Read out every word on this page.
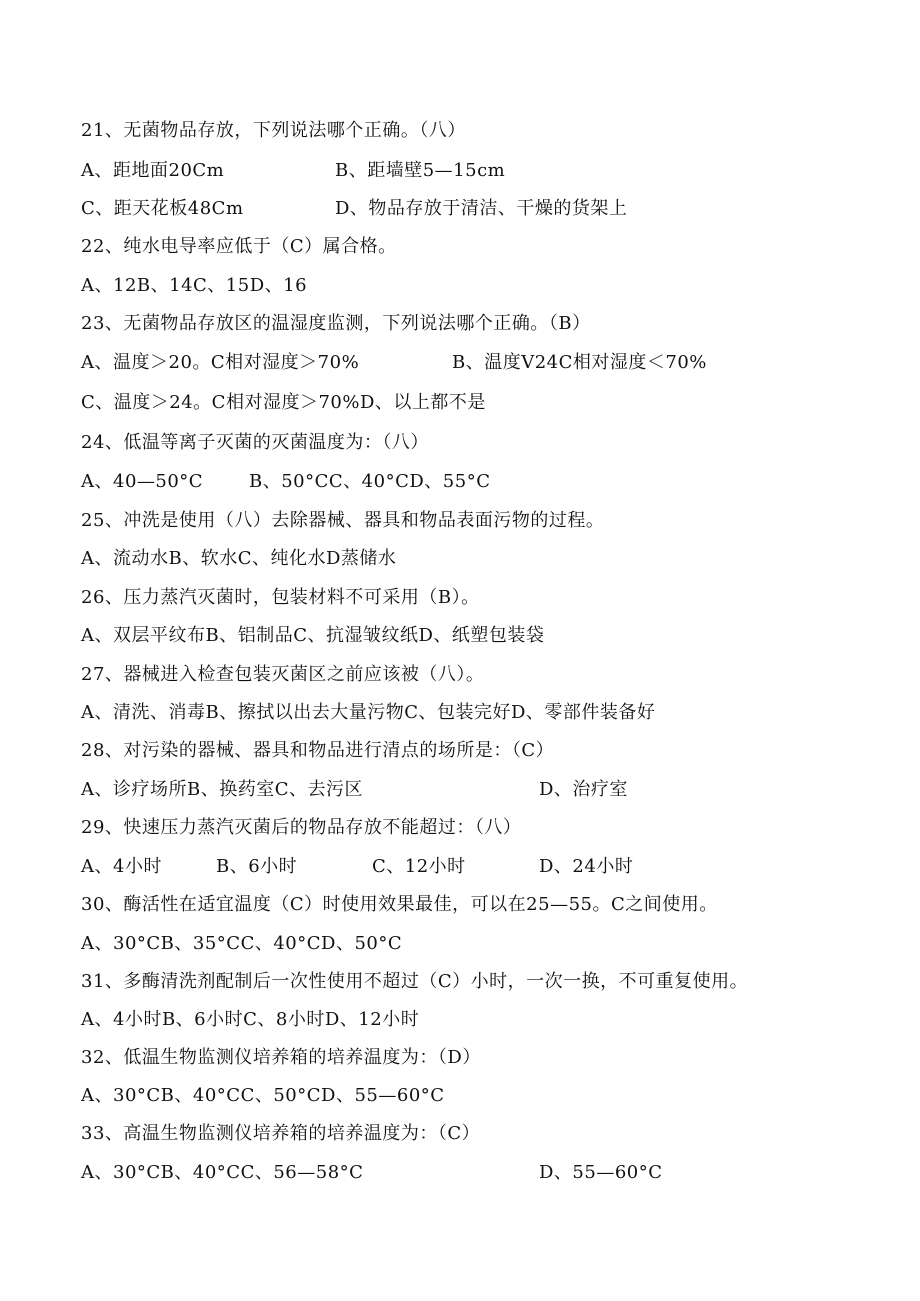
21、无菌物品存放，下列说法哪个正确。（八）
A、距地面20Cm	B、距墙壁5—15cm
C、距天花板48Cm	D、物品存放于清洁、干燥的货架上
22、纯水电导率应低于（C）属合格。
A、12B、14C、15D、16
23、无菌物品存放区的温湿度监测，下列说法哪个正确。（B）
A、温度＞20。C相对湿度＞70%	B、温度V24C相对湿度＜70%
C、温度＞24。C相对湿度＞70%D、以上都不是
24、低温等离子灭菌的灭菌温度为：（八）
A、40—50°C	B、50°CC、40°CD、55°C
25、冲洗是使用（八）去除器械、器具和物品表面污物的过程。
A、流动水B、软水C、纯化水D蒸储水
26、压力蒸汽灭菌时，包装材料不可采用（B）。
A、双层平纹布B、铝制品C、抗湿皱纹纸D、纸塑包装袋
27、器械进入检查包装灭菌区之前应该被（八）。
A、清洗、消毒B、擦拭以出去大量污物C、包装完好D、零部件装备好
28、对污染的器械、器具和物品进行清点的场所是：（C）
A、诊疗场所B、换药室C、去污区	D、治疗室
29、快速压力蒸汽灭菌后的物品存放不能超过：（八）
A、4小时	B、6小时	C、12小时	D、24小时
30、酶活性在适宜温度（C）时使用效果最佳，可以在25—55。C之间使用。
A、30°CB、35°CC、40°CD、50°C
31、多酶清洗剂配制后一次性使用不超过（C）小时，一次一换，不可重复使用。
A、4小时B、6小时C、8小时D、12小时
32、低温生物监测仪培养箱的培养温度为：（D）
A、30°CB、40°CC、50°CD、55—60°C
33、高温生物监测仪培养箱的培养温度为：（C）
A、30°CB、40°CC、56—58°C	D、55—60°C
